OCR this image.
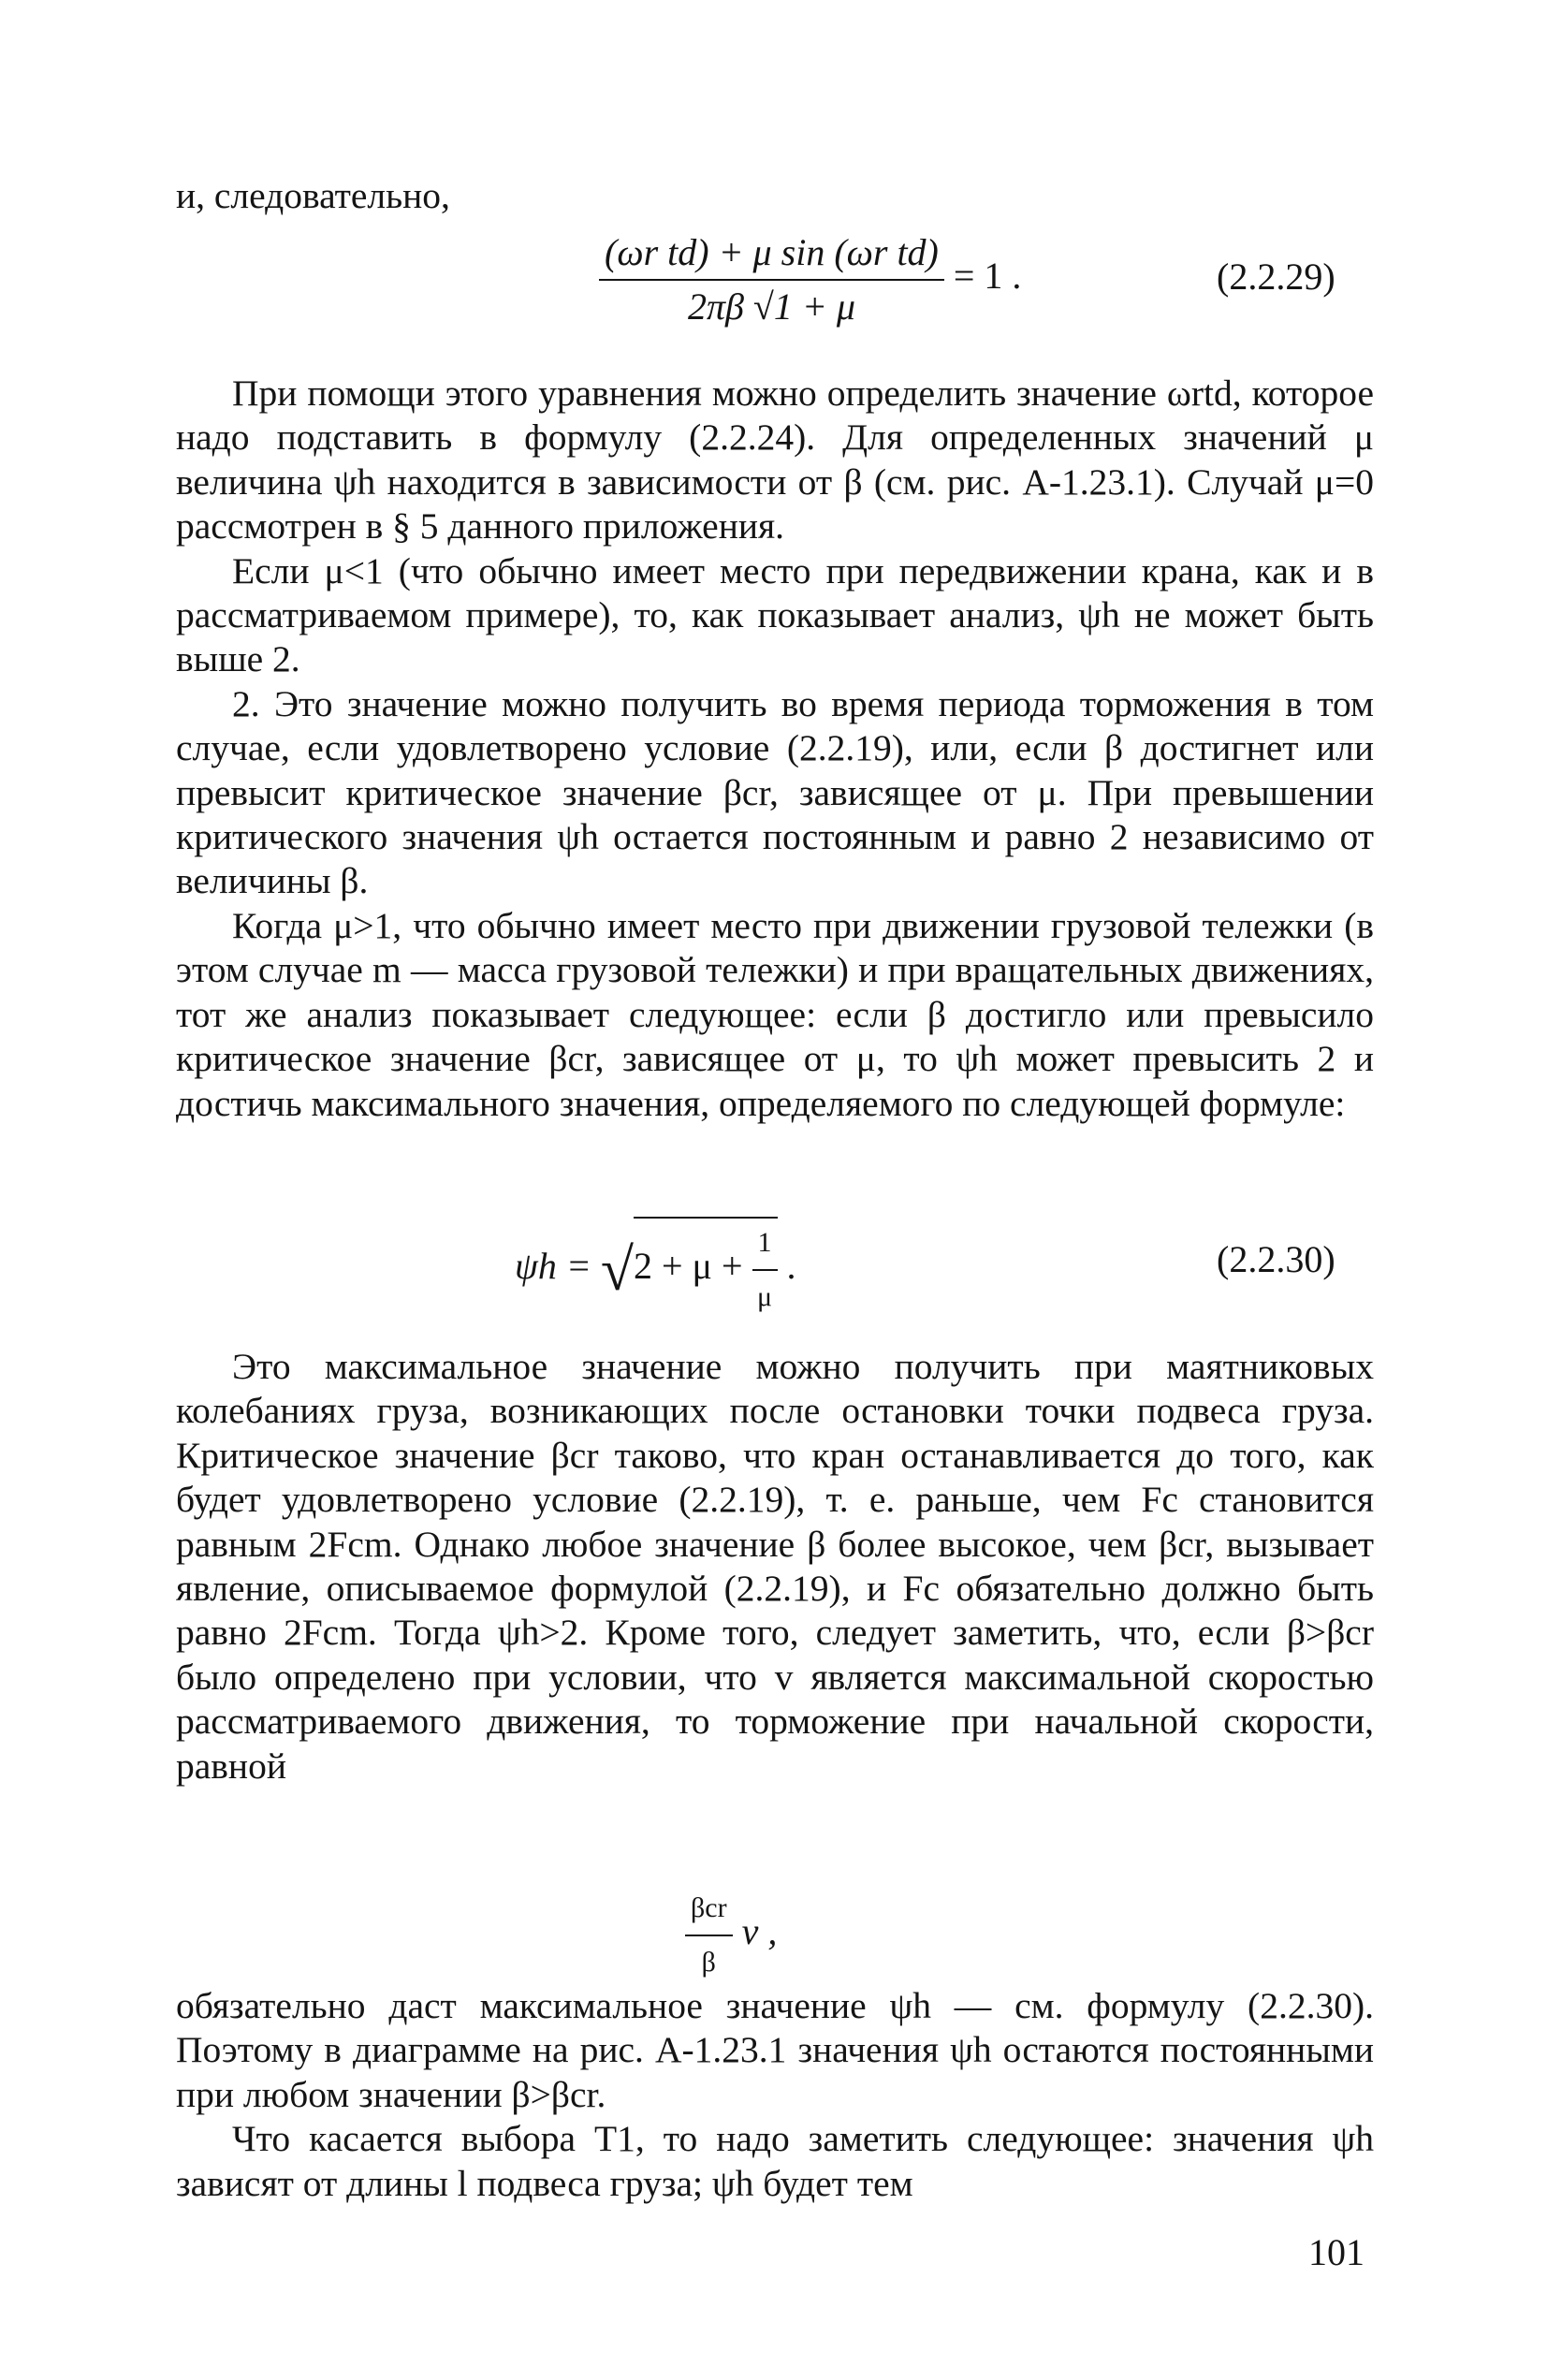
и, следовательно,

$\frac{\text{(ωr td) + μ sin (ωr td)}}{2\pi\beta √1 + \mu} = 1$ .	(2.2.29)

При помощи этого уравнения можно определить значение ωrtd, которое надо подставить в формулу (2.2.24). Для определенных значений μ величина ψh находится в зависимости от β (см. рис. А-1.23.1). Случай μ=0 рассмотрен в § 5 данного приложения.

Если μ<1 (что обычно имеет место при передвижении крана, как и в рассматриваемом примере), то, как показывает анализ, ψh не может быть выше 2.

2. Это значение можно получить во время периода торможения в том случае, если удовлетворено условие (2.2.19), или, если β достигнет или превысит критическое значение βcr, зависящее от μ. При превышении критического значения ψh остается постоянным и равно 2 независимо от величины β.

Когда μ>1, что обычно имеет место при движении грузовой тележки (в этом случае m — масса грузовой тележки) и при вращательных движениях, тот же анализ показывает следующее: если β достигло или превысило критическое значение βcr, зависящее от μ, то ψh может превысить 2 и достичь максимального значения, определяемого по следующей формуле:

$\psi h = √2 + \mu + \frac{1}{\mu}$ .	(2.2.30)

Это максимальное значение можно получить при маятниковых колебаниях груза, возникающих после остановки точки подвеса груза. Критическое значение βcr таково, что кран останавливается до того, как будет удовлетворено условие (2.2.19), т. е. раньше, чем Fc становится равным 2Fcm. Однако любое значение β более высокое, чем βcr, вызывает явление, описываемое формулой (2.2.19), и Fc обязательно должно быть равно 2Fcm. Тогда ψh>2. Кроме того, следует заметить, что, если β>βcr было определено при условии, что v является максимальной скоростью рассматриваемого движения, то торможение при начальной скорости, равной

$\frac{\text{βcr}}{\beta}$ v ,

обязательно даст максимальное значение ψh — см. формулу (2.2.30). Поэтому в диаграмме на рис. А-1.23.1 значения ψh остаются постоянными при любом значении β>βcr.

Что касается выбора T1, то надо заметить следующее: значения ψh зависят от длины l подвеса груза; ψh будет тем

101
